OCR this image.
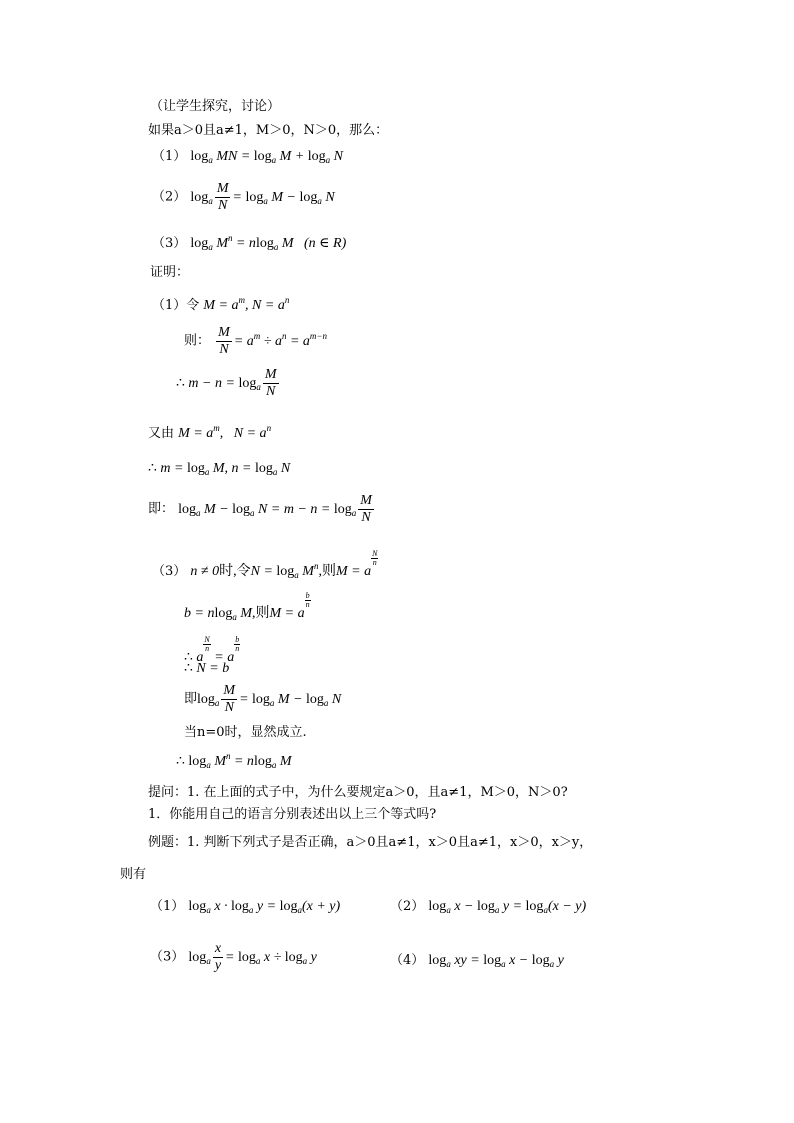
（让学生探究，讨论）
如果a＞0且a≠1，M＞0，N＞0，那么：
（1） $\log_a$ MN = $\log_a M + \log_a N$
（2） $\log_a \frac{M}{N} = \log_a M - \log_a N$
（3） $\log_a M^n = nlog_a$ M   (n ∈ R)
证明：
（1）令 $M = a^m$, $N = a^n$
则： $\frac{M}{N} = a^m \div a^n = a^{m-n}$
∴ $m - n = \log_a \frac{M}{N}$
又由 $M = a^m$,   $N = a^n$
∴ $m = \log_a M$, $n = \log_a N$
即： $\log_a M - \log_a N = m - n = \log_a \frac{M}{N}$
（3） n ≠ 0时,令$N = \log_a M^n$,则M = a
$\frac{N}{n}$
b = nlog$_a$ M,则M = a
$\frac{b}{n}$
∴ a
$\frac{N}{n}$
= a
$\frac{b}{n}$
∴ N = b
即$\log_a \frac{M}{N} = \log_a M - \log_a N$
当n=0时，显然成立.
∴ $\log_a M^n = nlog_a$ M
提问：1. 在上面的式子中，为什么要规定a＞0，且a≠1，M＞0，N＞0?
1．你能用自己的语言分别表述出以上三个等式吗?
例题：1. 判断下列式子是否正确，a＞0且a≠1，x＞0且a≠1，x＞0，x＞y，
则有
（1） $\log_a x \cdot \log_a y = \log_a(x + y)$	（2） $\log_a x - \log_a y = \log_a(x - y)$
（3） $\log_a \frac{x}{y} = \log_a x \div \log_a y$	（4） $\log_a$ xy = $\log_a x - \log_a y$
